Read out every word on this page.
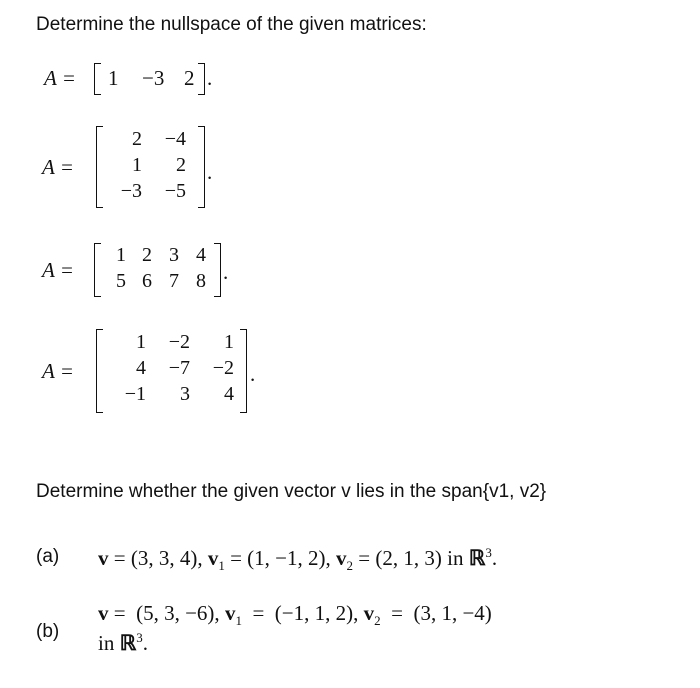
Determine the nullspace of the given matrices:
A = 1 −3 2 .
A =
2	−4
1	2
−3	−5
.
A =
1 2 3 4
5 6 7 8 .
A =
1	−2	1
4	−7	−2
−1	3	4
.
Determine whether the given vector v lies in the span{v1, v2}
(a) v = (3, 3, 4), $v_1 = (1$, −1, 2), $v_2 = (2$, 1, 3) in ℝ$^3$.
(b)
v =  (5, 3, −6), $v_1 = (-1$, 1, 2), $v_2 = (3$, 1, −4)
in ℝ$^3$.
